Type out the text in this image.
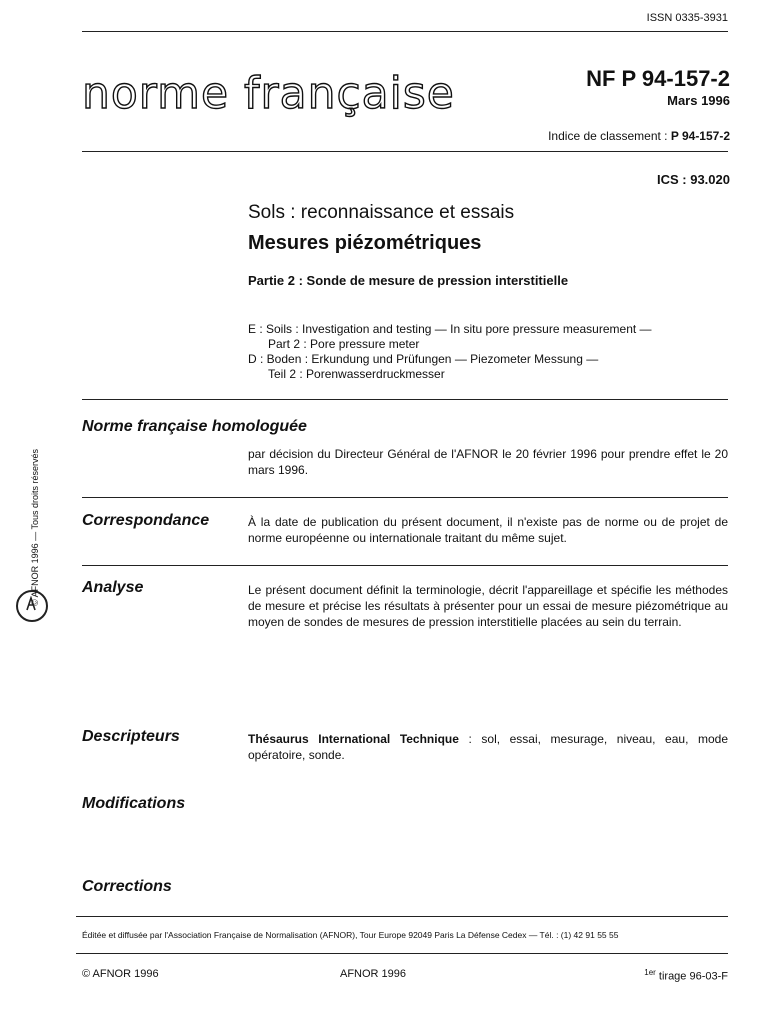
ISSN 0335-3931
norme française	NF P 94-157-2
Mars 1996
Indice de classement : P 94-157-2
ICS : 93.020
Sols : reconnaissance et essais
Mesures piézométriques
Partie 2 : Sonde de mesure de pression interstitielle
E : Soils : Investigation and testing — In situ pore pressure measurement —
Part 2 : Pore pressure meter
D : Boden : Erkundung und Prüfungen — Piezometer Messung —
Teil 2 : Porenwasserdruckmesser
Norme française homologuée
par décision du Directeur Général de l'AFNOR le 20 février 1996 pour prendre effet le 20 mars 1996.
Correspondance	À la date de publication du présent document, il n'existe pas de norme ou de projet de norme européenne ou internationale traitant du même sujet.
Analyse	Le présent document définit la terminologie, décrit l'appareillage et spécifie les méthodes de mesure et précise les résultats à présenter pour un essai de mesure piézométrique au moyen de sondes de mesures de pression interstitielle placées au sein du terrain.
Descripteurs	Thésaurus International Technique : sol, essai, mesurage, niveau, eau, mode opératoire, sonde.
Modifications
Corrections
Éditée et diffusée par l'Association Française de Normalisation (AFNOR), Tour Europe 92049 Paris La Défense Cedex — Tél. : (1) 42 91 55 55
© AFNOR 1996	AFNOR 1996	$^{1er}$ tirage 96-03-F
© AFNOR 1996 — Tous droits réservés
